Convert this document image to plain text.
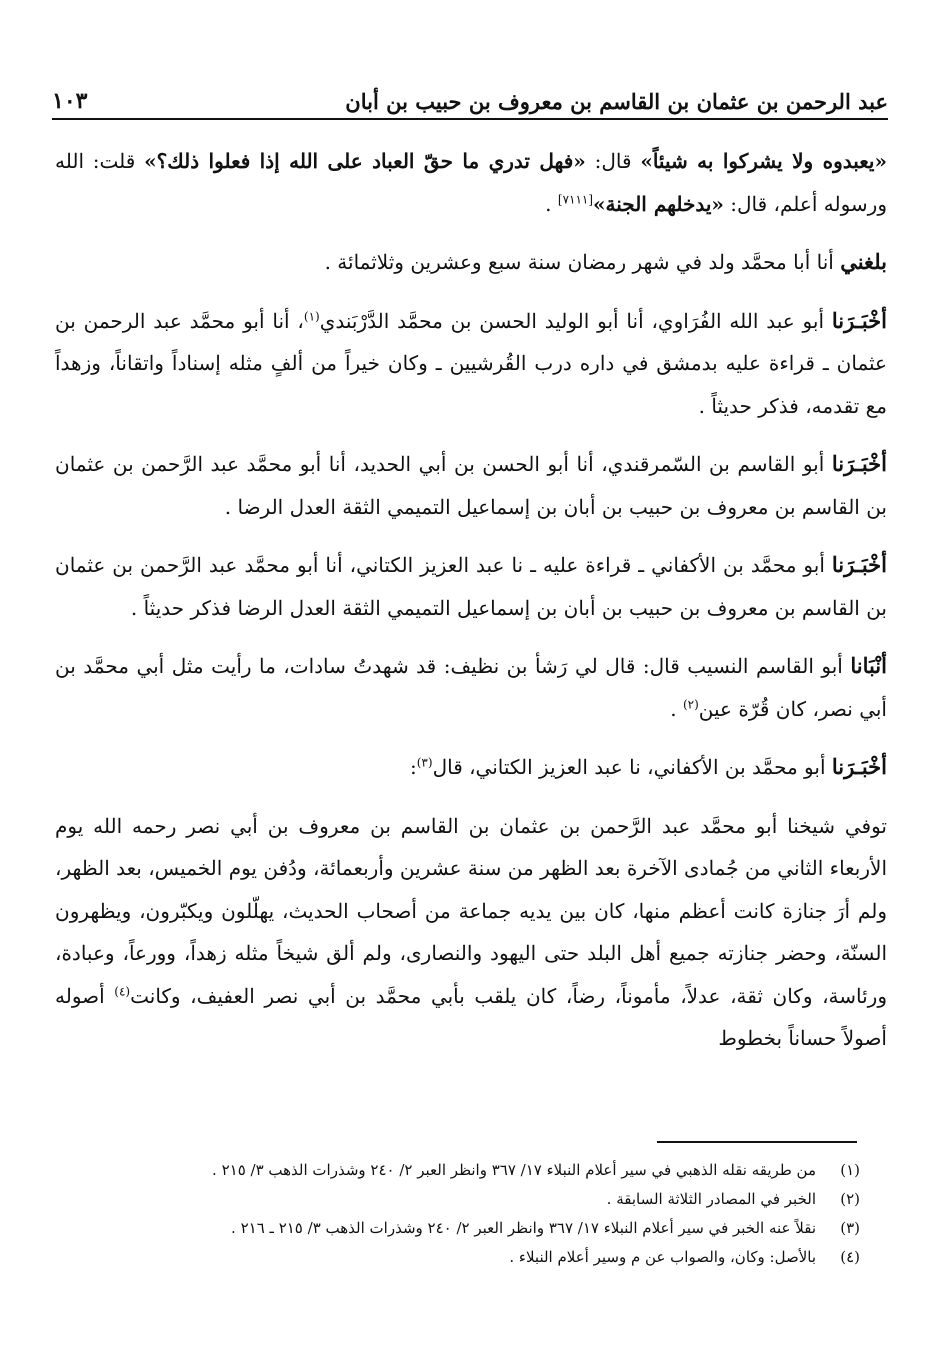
عبد الرحمن بن عثمان بن القاسم بن معروف بن حبيب بن أبان
١٠٣

«يعبدوه ولا يشركوا به شيئاً» قال: «فهل تدري ما حقّ العباد على الله إذا فعلوا ذلك؟» قلت: الله ورسوله أعلم، قال: «يدخلهم الجنة»[٧١١١] .

بلغني أنا أبا محمَّد ولد في شهر رمضان سنة سبع وعشرين وثلاثمائة .

أخْبَـرَنا أبو عبد الله الفُرَاوي، أنا أبو الوليد الحسن بن محمَّد الدَّرْبَندي$^{(١)}$، أنا أبو محمَّد عبد الرحمن بن عثمان ـ قراءة عليه بدمشق في داره درب القُرشيين ـ وكان خيراً من ألفٍ مثله إسناداً واتقاناً، وزهداً مع تقدمه، فذكر حديثاً .

أخْبَـرَنا أبو القاسم بن السّمرقندي، أنا أبو الحسن بن أبي الحديد، أنا أبو محمَّد عبد الرَّحمن بن عثمان بن القاسم بن معروف بن حبيب بن أبان بن إسماعيل التميمي الثقة العدل الرضا .

أخْبَـرَنا أبو محمَّد بن الأكفاني ـ قراءة عليه ـ نا عبد العزيز الكتاني، أنا أبو محمَّد عبد الرَّحمن بن عثمان بن القاسم بن معروف بن حبيب بن أبان بن إسماعيل التميمي الثقة العدل الرضا فذكر حديثاً .

أنْبَانا أبو القاسم النسيب قال: قال لي رَشأ بن نظيف: قد شهدتُ سادات، ما رأيت مثل أبي محمَّد بن أبي نصر، كان قُرّة عين$^{(٢)}$ .

أخْبَـرَنا أبو محمَّد بن الأكفاني، نا عبد العزيز الكتاني، قال$^{(٣)}$:

توفي شيخنا أبو محمَّد عبد الرَّحمن بن عثمان بن القاسم بن معروف بن أبي نصر رحمه الله يوم الأربعاء الثاني من جُمادى الآخرة بعد الظهر من سنة عشرين وأربعمائة، ودُفن يوم الخميس، بعد الظهر، ولم أرَ جنازة كانت أعظم منها، كان بين يديه جماعة من أصحاب الحديث، يهلّلون ويكبّرون، ويظهرون السنّة، وحضر جنازته جميع أهل البلد حتى اليهود والنصارى، ولم ألق شيخاً مثله زهداً، وورعاً، وعبادة، ورئاسة، وكان ثقة، عدلاً، مأموناً، رضاً، كان يلقب بأبي محمَّد بن أبي نصر العفيف، وكانت$^{(٤)}$ أصوله أصولاً حساناً بخطوط

(١)
من طريقه نقله الذهبي في سير أعلام النبلاء ١٧/ ٣٦٧ وانظر العبر ٢/ ٢٤٠ وشذرات الذهب ٣/ ٢١٥ .
(٢)
الخبر في المصادر الثلاثة السابقة .
(٣)
نقلاً عنه الخبر في سير أعلام النبلاء ١٧/ ٣٦٧ وانظر العبر ٢/ ٢٤٠ وشذرات الذهب ٣/ ٢١٥ ـ ٢١٦ .
(٤)
بالأصل: وكان، والصواب عن م وسير أعلام النبلاء .
